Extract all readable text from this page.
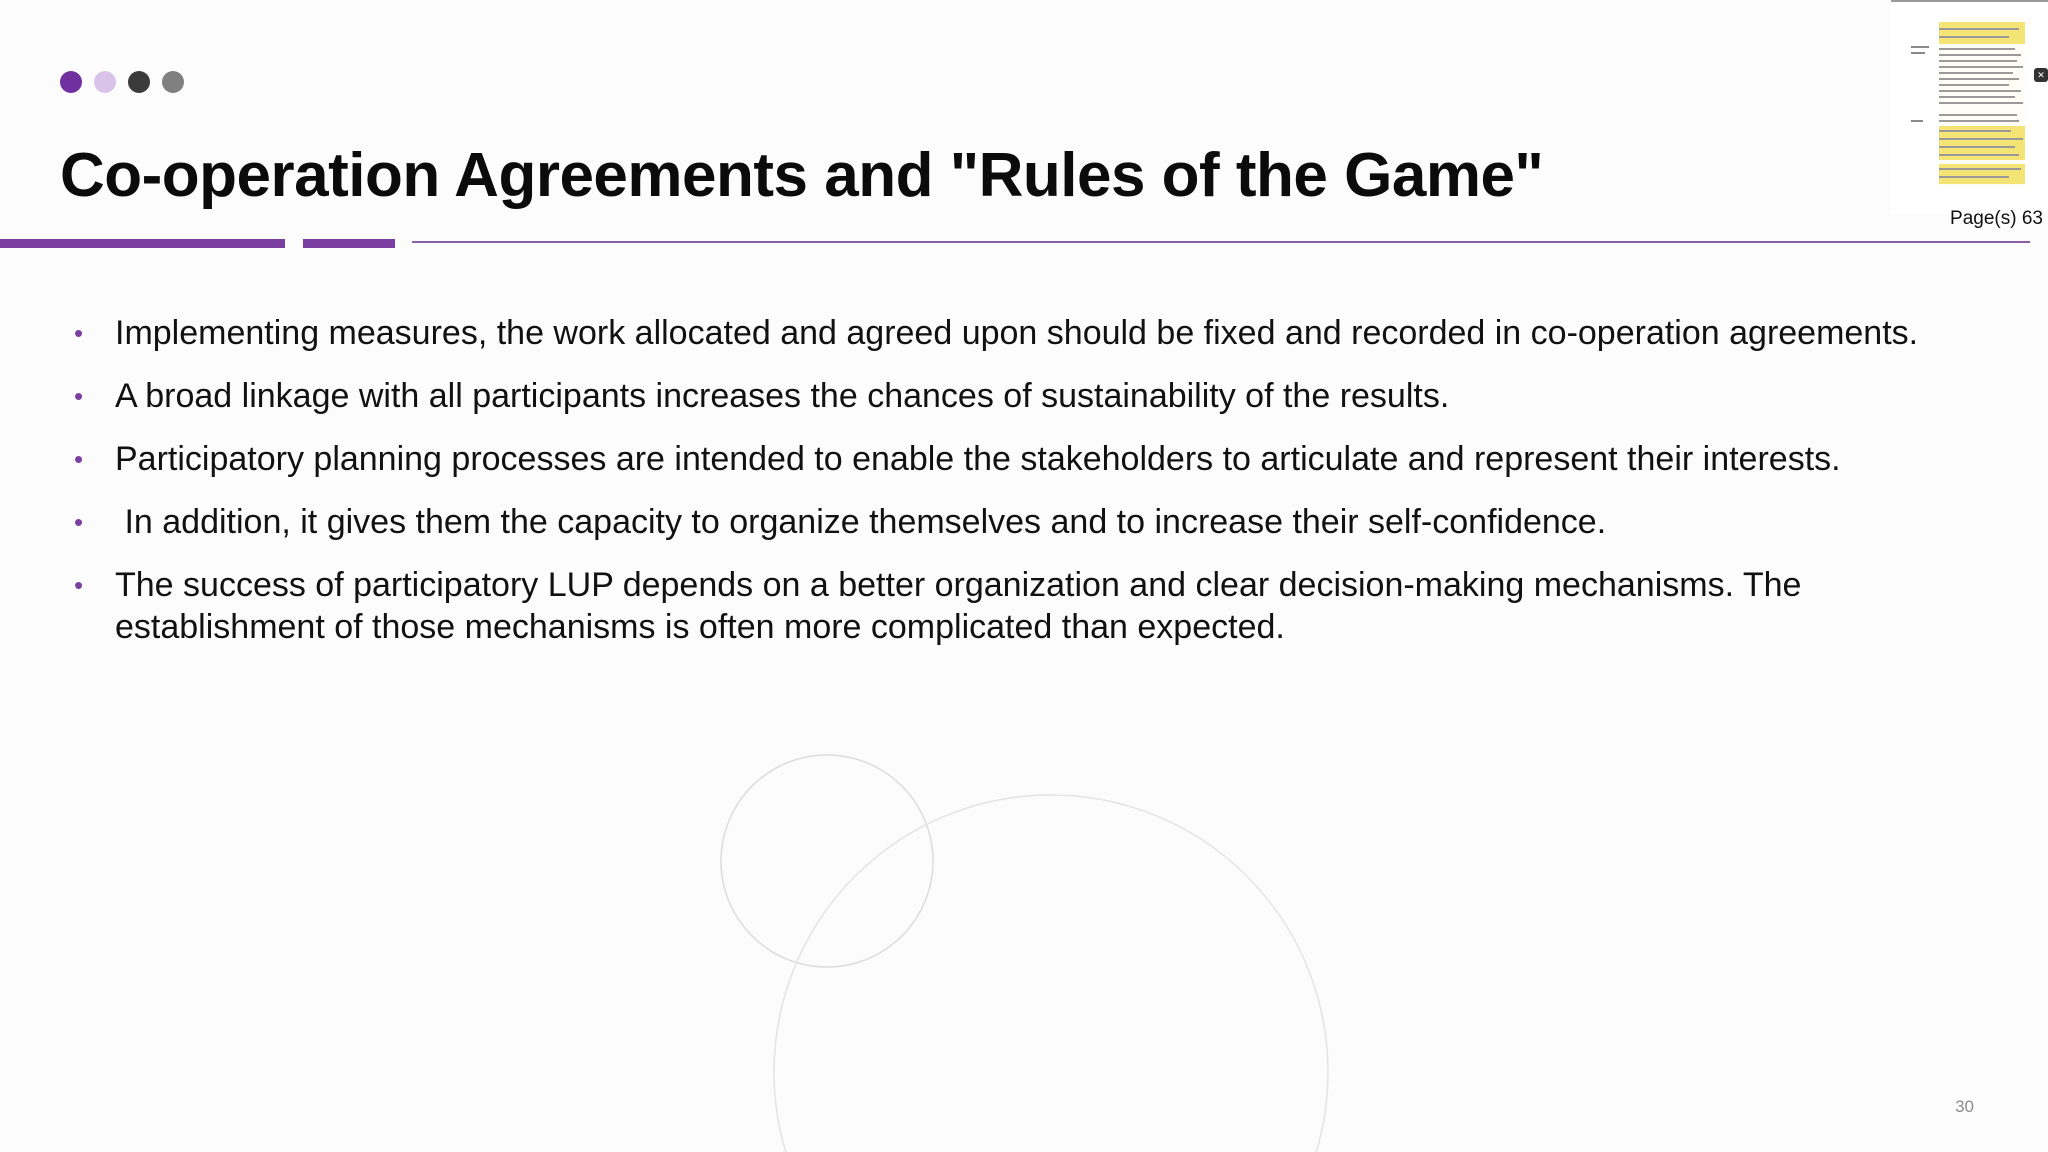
Co-operation Agreements and "Rules of the Game"
✕
Page(s) 63
• Implementing measures, the work allocated and agreed upon should be fixed and recorded in co-operation agreements.
• A broad linkage with all participants increases the chances of sustainability of the results.
• Participatory planning processes are intended to enable the stakeholders to articulate and represent their interests.
• In addition, it gives them the capacity to organize themselves and to increase their self-confidence.
• The success of participatory LUP depends on a better organization and clear decision-making mechanisms. The establishment of those mechanisms is often more complicated than expected.
30
